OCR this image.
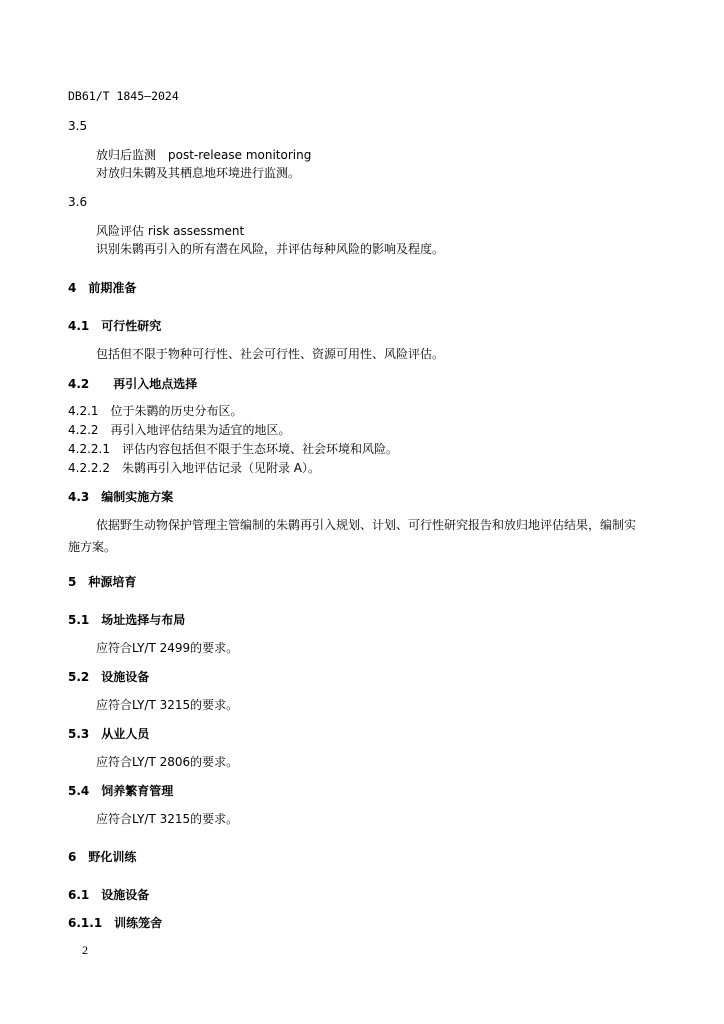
DB61/T 1845—2024
3.5
放归后监测　post-release monitoring
对放归朱鹮及其栖息地环境进行监测。
3.6
风险评估 risk assessment
识别朱鹮再引入的所有潜在风险，并评估每种风险的影响及程度。
4　前期准备
4.1　可行性研究
包括但不限于物种可行性、社会可行性、资源可用性、风险评估。
4.2　　再引入地点选择
4.2.1　位于朱鹮的历史分布区。
4.2.2　再引入地评估结果为适宜的地区。
4.2.2.1　评估内容包括但不限于生态环境、社会环境和风险。
4.2.2.2　朱鹮再引入地评估记录（见附录 A）。
4.3　编制实施方案
依据野生动物保护管理主管编制的朱鹮再引入规划、计划、可行性研究报告和放归地评估结果，编制实施方案。
5　种源培育
5.1　场址选择与布局
应符合LY/T 2499的要求。
5.2　设施设备
应符合LY/T 3215的要求。
5.3　从业人员
应符合LY/T 2806的要求。
5.4　饲养繁育管理
应符合LY/T 3215的要求。
6　野化训练
6.1　设施设备
6.1.1　训练笼舍
2
